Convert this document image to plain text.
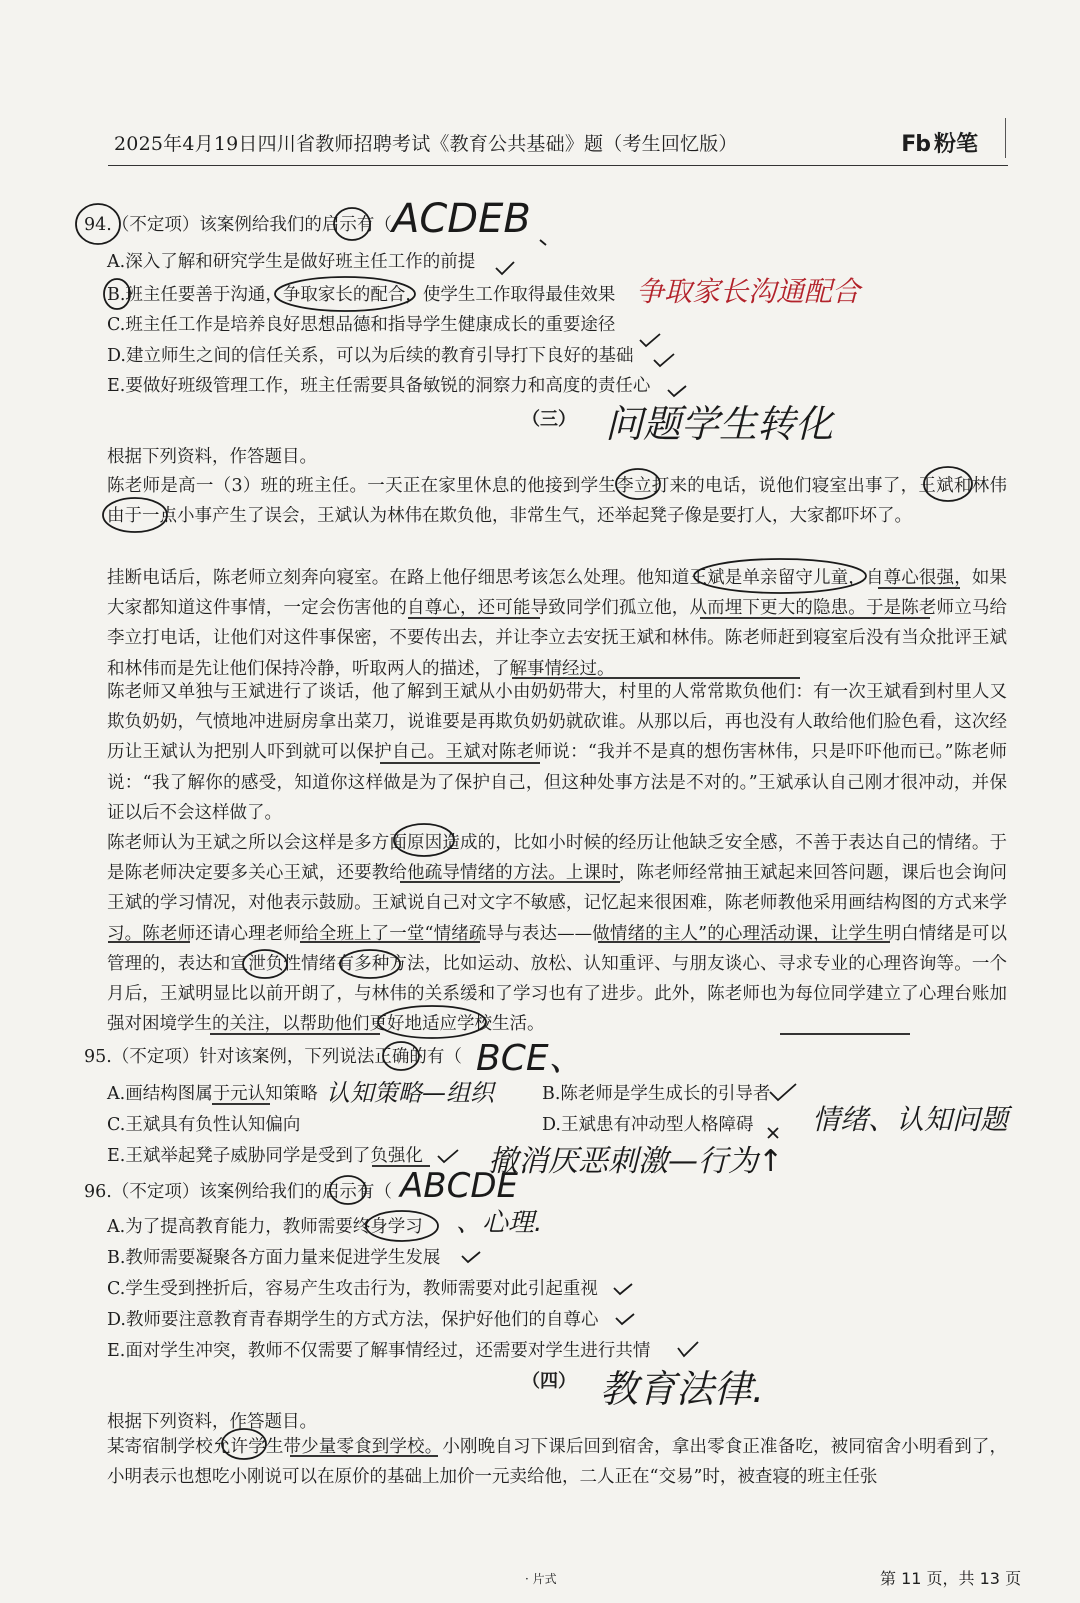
2025年4月19日四川省教师招聘考试《教育公共基础》题（考生回忆版）	Fb 粉笔
94.（不定项）该案例给我们的启示有（ ACDEB
A.深入了解和研究学生是做好班主任工作的前提
B.班主任要善于沟通，争取家长的配合，使学生工作取得最佳效果 争取家长沟通配合
C.班主任工作是培养良好思想品德和指导学生健康成长的重要途径
D.建立师生之间的信任关系，可以为后续的教育引导打下良好的基础
E.要做好班级管理工作，班主任需要具备敏锐的洞察力和高度的责任心
（三） 问题学生转化
根据下列资料，作答题目。
陈老师是高一（3）班的班主任。一天正在家里休息的他接到学生李立打来的电话，说他们寝室出事了，王斌和林伟由于一点小事产生了误会，王斌认为林伟在欺负他，非常生气，还举起凳子像是要打人，大家都吓坏了。
挂断电话后，陈老师立刻奔向寝室。在路上他仔细思考该怎么处理。他知道王斌是单亲留守儿童，自尊心很强，如果大家都知道这件事情，一定会伤害他的自尊心，还可能导致同学们孤立他，从而埋下更大的隐患。于是陈老师立马给李立打电话，让他们对这件事保密，不要传出去，并让李立去安抚王斌和林伟。陈老师赶到寝室后没有当众批评王斌和林伟而是先让他们保持冷静，听取两人的描述，了解事情经过。
陈老师又单独与王斌进行了谈话，他了解到王斌从小由奶奶带大，村里的人常常欺负他们：有一次王斌看到村里人又欺负奶奶，气愤地冲进厨房拿出菜刀，说谁要是再欺负奶奶就砍谁。从那以后，再也没有人敢给他们脸色看，这次经历让王斌认为把别人吓到就可以保护自己。王斌对陈老师说：“我并不是真的想伤害林伟，只是吓吓他而已。”陈老师说：“我了解你的感受，知道你这样做是为了保护自己，但这种处事方法是不对的。”王斌承认自己刚才很冲动，并保证以后不会这样做了。
陈老师认为王斌之所以会这样是多方面原因造成的，比如小时候的经历让他缺乏安全感，不善于表达自己的情绪。于是陈老师决定要多关心王斌，还要教给他疏导情绪的方法。上课时，陈老师经常抽王斌起来回答问题，课后也会询问王斌的学习情况，对他表示鼓励。王斌说自己对文字不敏感，记忆起来很困难，陈老师教他采用画结构图的方式来学习。陈老师还请心理老师给全班上了一堂“情绪疏导与表达——做情绪的主人”的心理活动课，让学生明白情绪是可以管理的，表达和宣泄负性情绪有多种方法，比如运动、放松、认知重评、与朋友谈心、寻求专业的心理咨询等。一个月后，王斌明显比以前开朗了，与林伟的关系缓和了学习也有了进步。此外，陈老师也为每位同学建立了心理台账加强对困境学生的关注，以帮助他们更好地适应学校生活。
95.（不定项）针对该案例，下列说法正确的有（ BCE、
A.画结构图属于元认知策略 认知策略—组织	B.陈老师是学生成长的引导者
C.王斌具有负性认知偏向	D.王斌患有冲动型人格障碍 情绪、认知问题
E.王斌举起凳子威胁同学是受到了负强化 撤消厌恶刺激—行为↑
96.（不定项）该案例给我们的启示有（ ABCDE
A.为了提高教育能力，教师需要终身学习 、心理.
B.教师需要凝聚各方面力量来促进学生发展
C.学生受到挫折后，容易产生攻击行为，教师需要对此引起重视
D.教师要注意教育青春期学生的方式方法，保护好他们的自尊心
E.面对学生冲突，教师不仅需要了解事情经过，还需要对学生进行共情
（四） 教育法律.
根据下列资料，作答题目。
某寄宿制学校允许学生带少量零食到学校。小刚晚自习下课后回到宿舍，拿出零食正准备吃，被同宿舍小明看到了，小明表示也想吃小刚说可以在原价的基础上加价一元卖给他，二人正在“交易”时，被查寝的班主任张
· 片式	第 11 页，共 13 页
